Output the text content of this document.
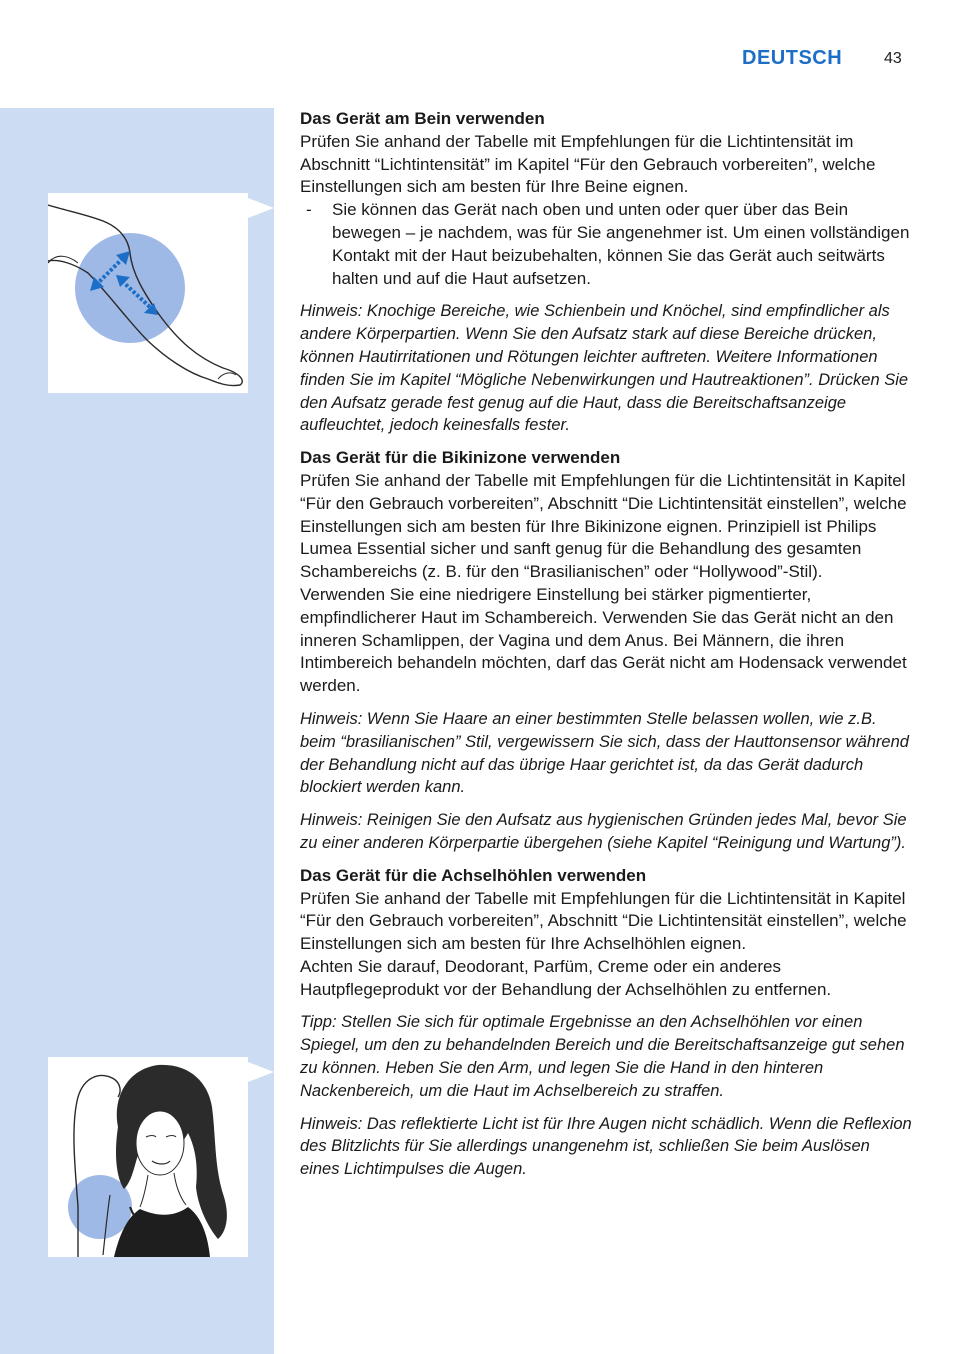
DEUTSCH	43

Das Gerät am Bein verwenden

Prüfen Sie anhand der Tabelle mit Empfehlungen für die Lichtintensität im Abschnitt “Lichtintensität” im Kapitel “Für den Gebrauch vorbereiten”, welche Einstellungen sich am besten für Ihre Beine eignen.

- Sie können das Gerät nach oben und unten oder quer über das Bein bewegen – je nachdem, was für Sie angenehmer ist. Um einen vollständigen Kontakt mit der Haut beizubehalten, können Sie das Gerät auch seitwärts halten und auf die Haut aufsetzen.

Hinweis: Knochige Bereiche, wie Schienbein und Knöchel, sind empfindlicher als andere Körperpartien. Wenn Sie den Aufsatz stark auf diese Bereiche drücken, können Hautirritationen und Rötungen leichter auftreten. Weitere Informationen finden Sie im Kapitel “Mögliche Nebenwirkungen und Hautreaktionen”. Drücken Sie den Aufsatz gerade fest genug auf die Haut, dass die Bereitschaftsanzeige aufleuchtet, jedoch keinesfalls fester.

Das Gerät für die Bikinizone verwenden

Prüfen Sie anhand der Tabelle mit Empfehlungen für die Lichtintensität in Kapitel “Für den Gebrauch vorbereiten”, Abschnitt “Die Lichtintensität einstellen”, welche Einstellungen sich am besten für Ihre Bikinizone eignen. Prinzipiell ist Philips Lumea Essential sicher und sanft genug für die Behandlung des gesamten Schambereichs (z. B. für den “Brasilianischen” oder “Hollywood”-Stil). Verwenden Sie eine niedrigere Einstellung bei stärker pigmentierter, empfindlicherer Haut im Schambereich. Verwenden Sie das Gerät nicht an den inneren Schamlippen, der Vagina und dem Anus. Bei Männern, die ihren Intimbereich behandeln möchten, darf das Gerät nicht am Hodensack verwendet werden.

Hinweis: Wenn Sie Haare an einer bestimmten Stelle belassen wollen, wie z.B. beim “brasilianischen” Stil, vergewissern Sie sich, dass der Hauttonsensor während der Behandlung nicht auf das übrige Haar gerichtet ist, da das Gerät dadurch blockiert werden kann.

Hinweis: Reinigen Sie den Aufsatz aus hygienischen Gründen jedes Mal, bevor Sie zu einer anderen Körperpartie übergehen (siehe Kapitel “Reinigung und Wartung”).

Das Gerät für die Achselhöhlen verwenden

Prüfen Sie anhand der Tabelle mit Empfehlungen für die Lichtintensität in Kapitel “Für den Gebrauch vorbereiten”, Abschnitt “Die Lichtintensität einstellen”, welche Einstellungen sich am besten für Ihre Achselhöhlen eignen.

Achten Sie darauf, Deodorant, Parfüm, Creme oder ein anderes Hautpflegeprodukt vor der Behandlung der Achselhöhlen zu entfernen.

Tipp: Stellen Sie sich für optimale Ergebnisse an den Achselhöhlen vor einen Spiegel, um den zu behandelnden Bereich und die Bereitschaftsanzeige gut sehen zu können. Heben Sie den Arm, und legen Sie die Hand in den hinteren Nackenbereich, um die Haut im Achselbereich zu straffen.

Hinweis: Das reflektierte Licht ist für Ihre Augen nicht schädlich. Wenn die Reflexion des Blitzlichts für Sie allerdings unangenehm ist, schließen Sie beim Auslösen eines Lichtimpulses die Augen.
